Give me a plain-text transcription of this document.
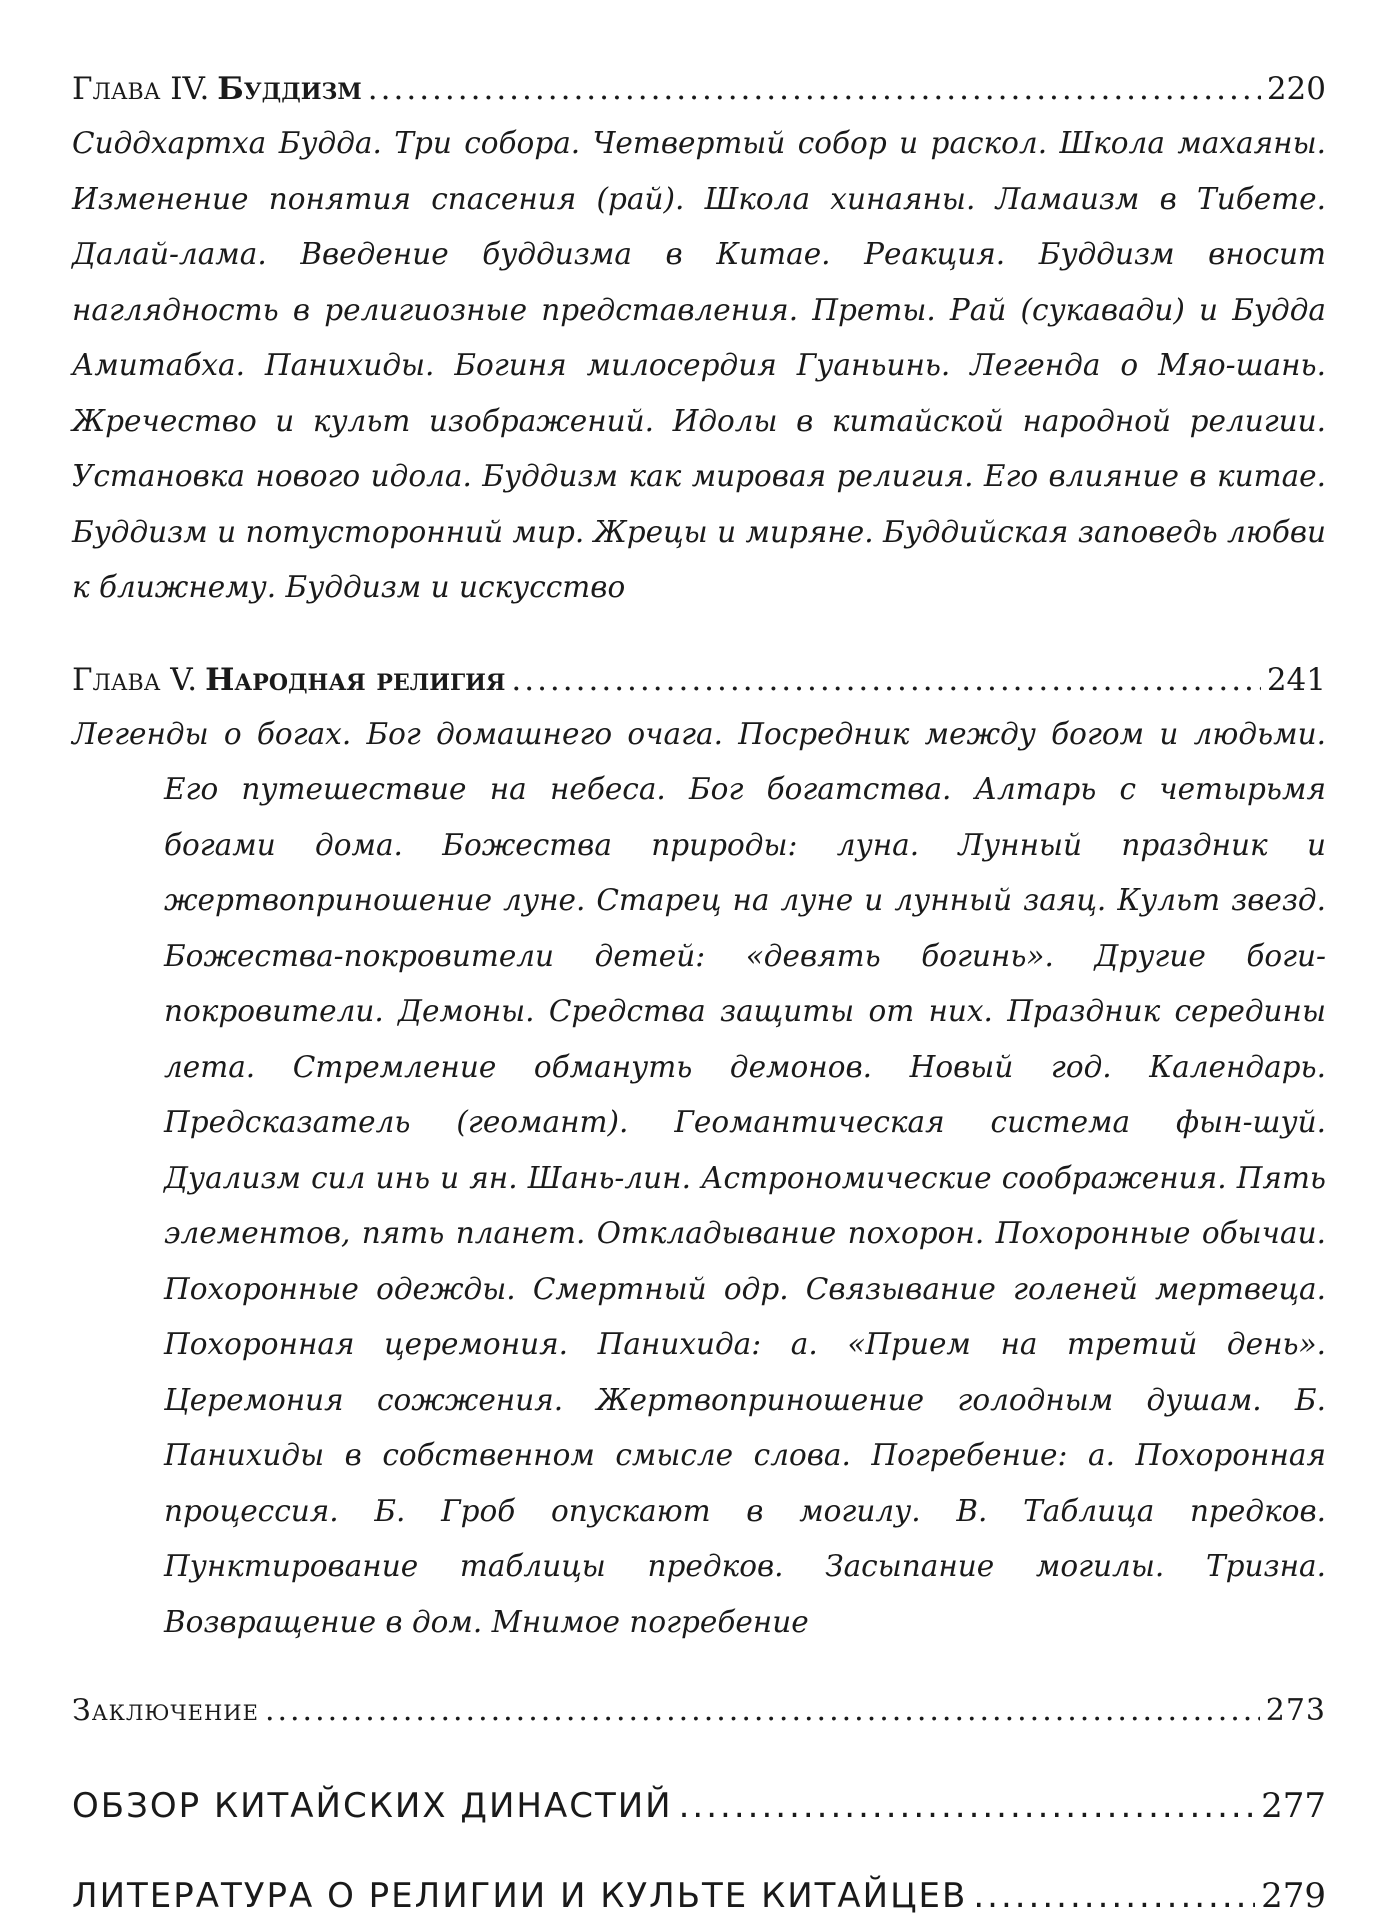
Глава IV. Буддизм .....	220
Сиддхартха Будда. Три собора. Четвертый собор и раскол. Школа махаяны. Изменение понятия спасения (рай). Школа хинаяны. Ламаизм в Тибете. Далай-лама. Введение буддизма в Китае. Реакция. Буддизм вносит наглядность в религиозные представления. Преты. Рай (сукавади) и Будда Амитабха. Панихиды. Богиня милосердия Гуаньинь. Легенда о Мяо-шань. Жречество и культ изображений. Идолы в китайской народной религии. Установка нового идола. Буддизм как мировая религия. Его влияние в китае. Буддизм и потусторонний мир. Жрецы и миряне. Буддийская заповедь любви к ближнему. Буддизм и искусство
Глава V. Народная религия .....	241
Легенды о богах. Бог домашнего очага. Посредник между богом и людьми. Его путешествие на небеса. Бог богатства. Алтарь с четырьмя богами дома. Божества природы: луна. Лунный праздник и жертвоприношение луне. Старец на луне и лунный заяц. Культ звезд. Божества-покровители детей: «девять богинь». Другие боги-покровители. Демоны. Средства защиты от них. Праздник середины лета. Стремление обмануть демонов. Новый год. Календарь. Предсказатель (геомант). Геомантическая система фын-шуй. Дуализм сил инь и ян. Шань-лин. Астрономические соображения. Пять элементов, пять планет. Откладывание похорон. Похоронные обычаи. Похоронные одежды. Смертный одр. Связывание голеней мертвеца. Похоронная церемония. Панихида: а. «Прием на третий день». Церемония сожжения. Жертвоприношение голодным душам. Б. Панихиды в собственном смысле слова. Погребение: а. Похоронная процессия. Б. Гроб опускают в могилу. В. Таблица предков. Пунктирование таблицы предков. Засыпание могилы. Тризна. Возвращение в дом. Мнимое погребение
Заключение .....	273
ОБЗОР КИТАЙСКИХ ДИНАСТИЙ .....	277
ЛИТЕРАТУРА О РЕЛИГИИ И КУЛЬТЕ КИТАЙЦЕВ .....	279
